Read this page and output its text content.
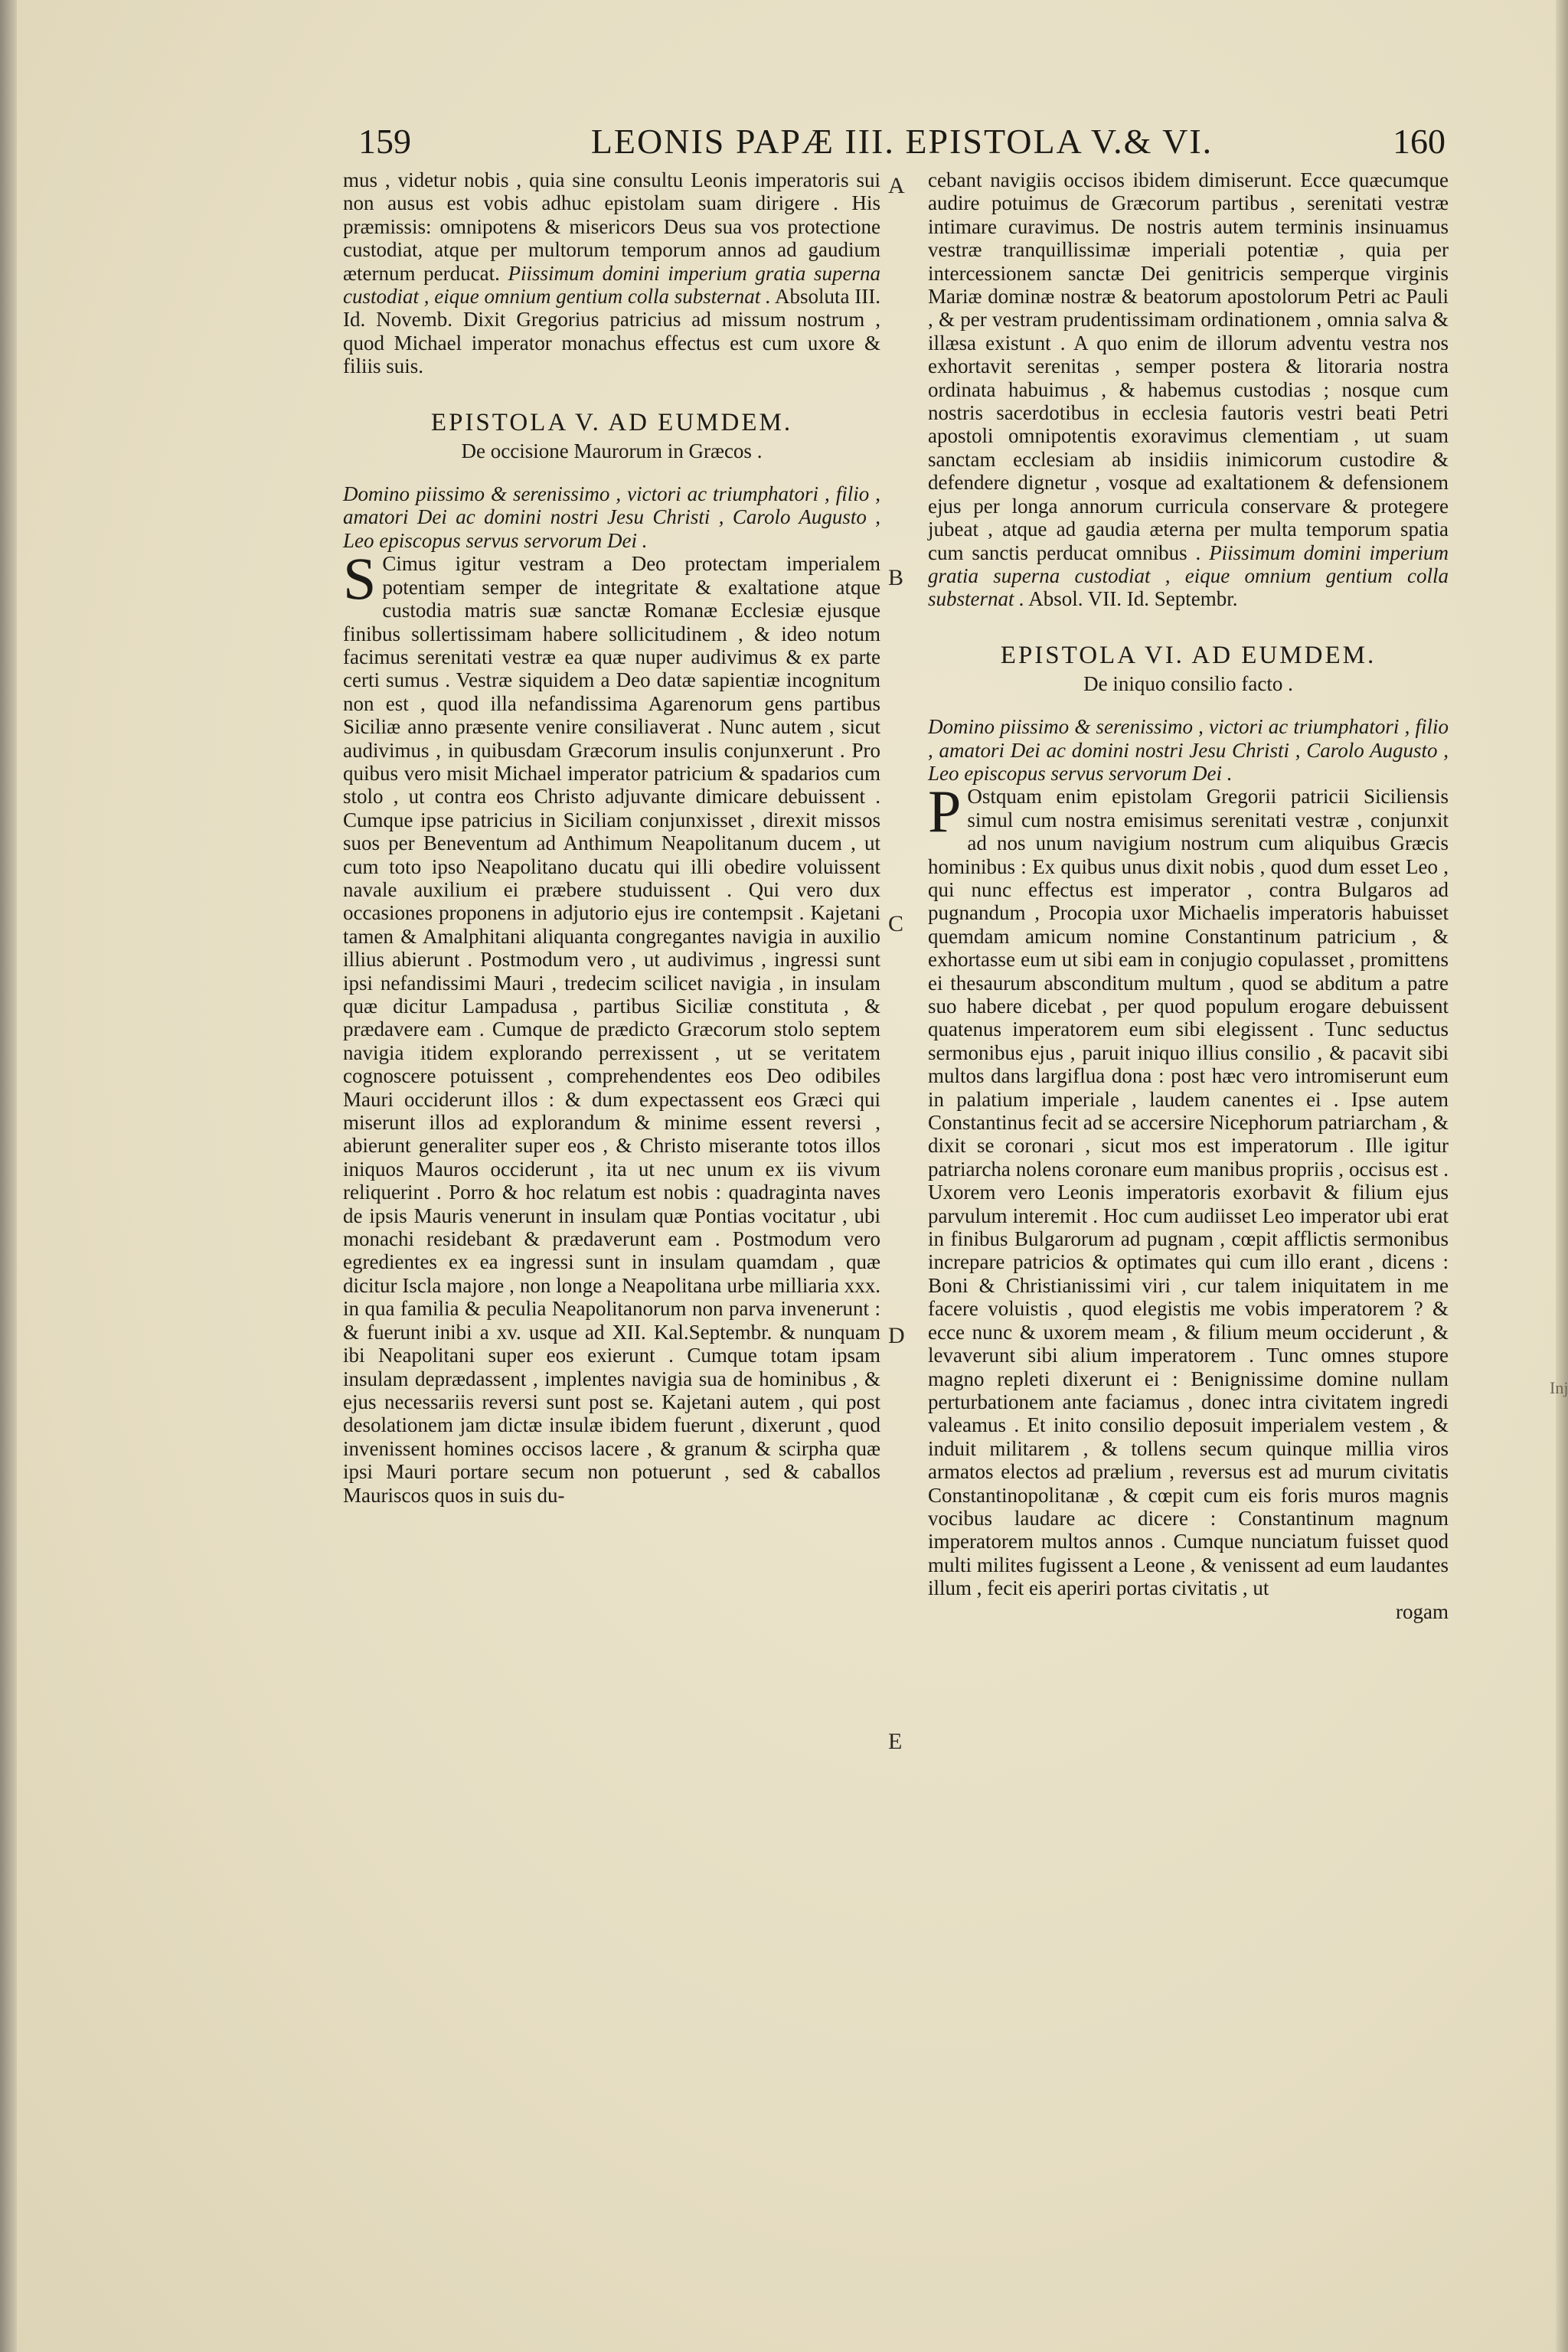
159	LEONIS PAPÆ III. EPISTOLA V.& VI.	160

mus , videtur nobis , quia sine consultu Leonis imperatoris sui non ausus est vobis adhuc epistolam suam dirigere . His præmissis: omnipotens & misericors Deus sua vos protectione custodiat, atque per multorum temporum annos ad gaudium æternum perducat. Piissimum domini imperium gratia superna custodiat , eique omnium gentium colla substernat . Absoluta III. Id. Novemb. Dixit Gregorius patricius ad missum nostrum , quod Michael imperator monachus effectus est cum uxore & filiis suis.

EPISTOLA V. AD EUMDEM.
De occisione Maurorum in Græcos .

Domino piissimo & serenissimo , victori ac triumphatori , filio , amatori Dei ac domini nostri Jesu Christi , Carolo Augusto , Leo episcopus servus servorum Dei .

S Cimus igitur vestram a Deo protectam imperialem potentiam semper de integritate & exaltatione atque custodia matris suæ sanctæ Romanæ Ecclesiæ ejusque finibus sollertissimam habere sollicitudinem , & ideo notum facimus serenitati vestræ ea quæ nuper audivimus & ex parte certi sumus . Vestræ siquidem a Deo datæ sapientiæ incognitum non est , quod illa nefandissima Agarenorum gens partibus Siciliæ anno præsente venire consiliaverat . Nunc autem , sicut audivimus , in quibusdam Græcorum insulis conjunxerunt . Pro quibus vero misit Michael imperator patricium & spadarios cum stolo , ut contra eos Christo adjuvante dimicare debuissent . Cumque ipse patricius in Siciliam conjunxisset , direxit missos suos per Beneventum ad Anthimum Neapolitanum ducem , ut cum toto ipso Neapolitano ducatu qui illi obedire voluissent navale auxilium ei præbere studuissent . Qui vero dux occasiones proponens in adjutorio ejus ire contempsit . Kajetani tamen & Amalphitani aliquanta congregantes navigia in auxilio illius abierunt . Postmodum vero , ut audivimus , ingressi sunt ipsi nefandissimi Mauri , tredecim scilicet navigia , in insulam quæ dicitur Lampadusa , partibus Siciliæ constituta , & prædavere eam . Cumque de prædicto Græcorum stolo septem navigia itidem explorando perrexissent , ut se veritatem cognoscere potuissent , comprehendentes eos Deo odibiles Mauri occiderunt illos : & dum expectassent eos Græci qui miserunt illos ad explorandum & minime essent reversi , abierunt generaliter super eos , & Christo miserante totos illos iniquos Mauros occiderunt , ita ut nec unum ex iis vivum reliquerint . Porro & hoc relatum est nobis : quadraginta naves de ipsis Mauris venerunt in insulam quæ Pontias vocitatur , ubi monachi residebant & prædaverunt eam . Postmodum vero egredientes ex ea ingressi sunt in insulam quamdam , quæ dicitur Iscla majore , non longe a Neapolitana urbe milliaria xxx. in qua familia & peculia Neapolitanorum non parva invenerunt : & fuerunt inibi a xv. usque ad XII. Kal.Septembr. & nunquam ibi Neapolitani super eos exierunt . Cumque totam ipsam insulam deprædassent , implentes navigia sua de hominibus , & ejus necessariis reversi sunt post se. Kajetani autem , qui post desolationem jam dictæ insulæ ibidem fuerunt , dixerunt , quod invenissent homines occisos lacere , & granum & scirpha quæ ipsi Mauri portare secum non potuerunt , sed & caballos Mauriscos quos in suis du-

cebant navigiis occisos ibidem dimiserunt. Ecce quæcumque audire potuimus de Græcorum partibus , serenitati vestræ intimare curavimus. De nostris autem terminis insinuamus vestræ tranquillissimæ imperiali potentiæ , quia per intercessionem sanctæ Dei genitricis semperque virginis Mariæ dominæ nostræ & beatorum apostolorum Petri ac Pauli , & per vestram prudentissimam ordinationem , omnia salva & illæsa existunt . A quo enim de illorum adventu vestra nos exhortavit serenitas , semper postera & litoraria nostra ordinata habuimus , & habemus custodias ; nosque cum nostris sacerdotibus in ecclesia fautoris vestri beati Petri apostoli omnipotentis exoravimus clementiam , ut suam sanctam ecclesiam ab insidiis inimicorum custodire & defendere dignetur , vosque ad exaltationem & defensionem ejus per longa annorum curricula conservare & protegere jubeat , atque ad gaudia æterna per multa temporum spatia cum sanctis perducat omnibus . Piissimum domini imperium gratia superna custodiat , eique omnium gentium colla substernat . Absol. VII. Id. Septembr.

EPISTOLA VI. AD EUMDEM.
De iniquo consilio facto .

Domino piissimo & serenissimo , victori ac triumphatori , filio , amatori Dei ac domini nostri Jesu Christi , Carolo Augusto , Leo episcopus servus servorum Dei .

P Ostquam enim epistolam Gregorii patricii Siciliensis simul cum nostra emisimus serenitati vestræ , conjunxit ad nos unum navigium nostrum cum aliquibus Græcis hominibus : Ex quibus unus dixit nobis , quod dum esset Leo , qui nunc effectus est imperator , contra Bulgaros ad pugnandum , Procopia uxor Michaelis imperatoris habuisset quemdam amicum nomine Constantinum patricium , & exhortasse eum ut sibi eam in conjugio copulasset , promittens ei thesaurum absconditum multum , quod se abditum a patre suo habere dicebat , per quod populum erogare debuissent quatenus imperatorem eum sibi elegissent . Tunc seductus sermonibus ejus , paruit iniquo illius consilio , & pacavit sibi multos dans largiflua dona : post hæc vero intromiserunt eum in palatium imperiale , laudem canentes ei . Ipse autem Constantinus fecit ad se accersire Nicephorum patriarcham , & dixit se coronari , sicut mos est imperatorum . Ille igitur patriarcha nolens coronare eum manibus propriis , occisus est . Uxorem vero Leonis imperatoris exorbavit & filium ejus parvulum interemit . Hoc cum audiisset Leo imperator ubi erat in finibus Bulgarorum ad pugnam , cœpit afflictis sermonibus increpare patricios & optimates qui cum illo erant , dicens : Boni & Christianissimi viri , cur talem iniquitatem in me facere voluistis , quod elegistis me vobis imperatorem ? & ecce nunc & uxorem meam , & filium meum occiderunt , & levaverunt sibi alium imperatorem . Tunc omnes stupore magno repleti dixerunt ei : Benignissime domine nullam perturbationem ante faciamus , donec intra civitatem ingredi valeamus . Et inito consilio deposuit imperialem vestem , & induit militarem , & tollens secum quinque millia viros armatos electos ad prælium , reversus est ad murum civitatis Constantinopolitanæ , & cœpit cum eis foris muros magnis vocibus laudare ac dicere : Constantinum magnum imperatorem multos annos . Cumque nunciatum fuisset quod multi milites fugissent a Leone , & venissent ad eum laudantes illum , fecit eis aperiri portas civitatis , ut

rogam

A
B
C
D
E
Inj
